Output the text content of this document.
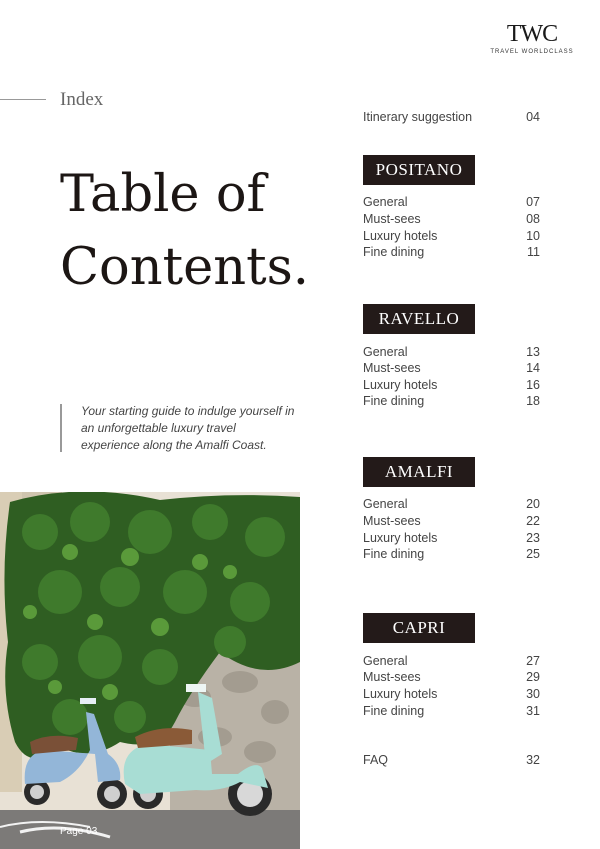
TWC
TRAVEL WORLDCLASS
Index
Table of
Contents.

Your starting guide to indulge yourself in an unforgettable luxury travel experience along the Amalfi Coast.

Page 03
Itinerary suggestion	04
POSITANO
General	07
Must-sees	08
Luxury hotels	10
Fine dining	11
RAVELLO
General	13
Must-sees	14
Luxury hotels	16
Fine dining	18
AMALFI
General	20
Must-sees	22
Luxury hotels	23
Fine dining	25
CAPRI
General	27
Must-sees	29
Luxury hotels	30
Fine dining	31
FAQ	32
